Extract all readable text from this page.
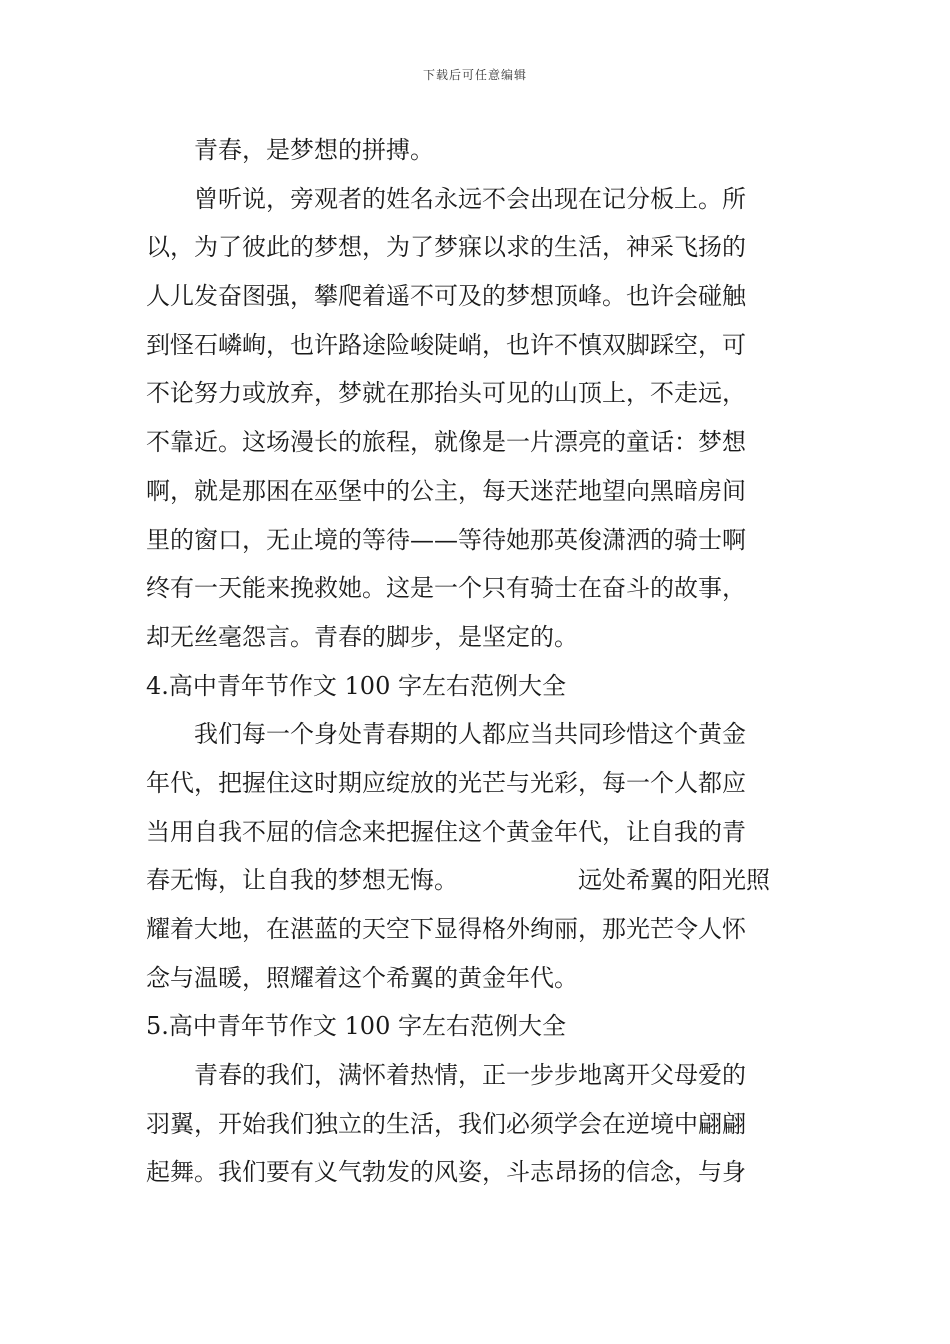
下载后可任意编辑
青春，是梦想的拼搏。
曾听说，旁观者的姓名永远不会出现在记分板上。所
以，为了彼此的梦想，为了梦寐以求的生活，神采飞扬的
人儿发奋图强，攀爬着遥不可及的梦想顶峰。也许会碰触
到怪石嶙峋，也许路途险峻陡峭，也许不慎双脚踩空，可
不论努力或放弃，梦就在那抬头可见的山顶上，不走远，
不靠近。这场漫长的旅程，就像是一片漂亮的童话：梦想
啊，就是那困在巫堡中的公主，每天迷茫地望向黑暗房间
里的窗口，无止境的等待——等待她那英俊潇洒的骑士啊
终有一天能来挽救她。这是一个只有骑士在奋斗的故事，
却无丝毫怨言。青春的脚步，是坚定的。
4.高中青年节作文 100 字左右范例大全
我们每一个身处青春期的人都应当共同珍惜这个黄金
年代，把握住这时期应绽放的光芒与光彩，每一个人都应
当用自我不屈的信念来把握住这个黄金年代，让自我的青
春无悔，让自我的梦想无悔。	远处希翼的阳光照
耀着大地，在湛蓝的天空下显得格外绚丽，那光芒令人怀
念与温暖，照耀着这个希翼的黄金年代。
5.高中青年节作文 100 字左右范例大全
青春的我们，满怀着热情，正一步步地离开父母爱的
羽翼，开始我们独立的生活，我们必须学会在逆境中翩翩
起舞。我们要有义气勃发的风姿，斗志昂扬的信念，与身
